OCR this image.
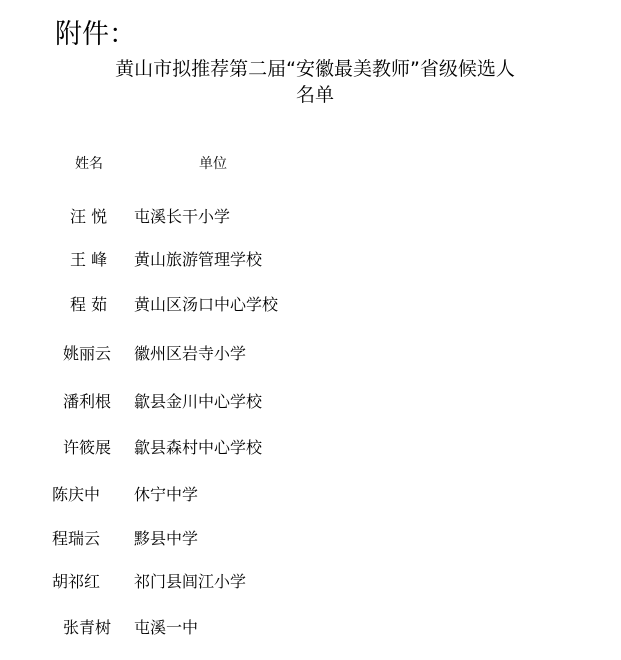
附件：
黄山市拟推荐第二届“安徽最美教师”省级候选人
名单
姓名	单位
汪 悦 屯溪长干小学
王 峰 黄山旅游管理学校
程 茹 黄山区汤口中心学校
姚丽云 徽州区岩寺小学
潘利根 歙县金川中心学校
许筱展 歙县森村中心学校
陈庆中 休宁中学
程瑞云 黟县中学
胡祁红 祁门县闾江小学
张青树 屯溪一中
